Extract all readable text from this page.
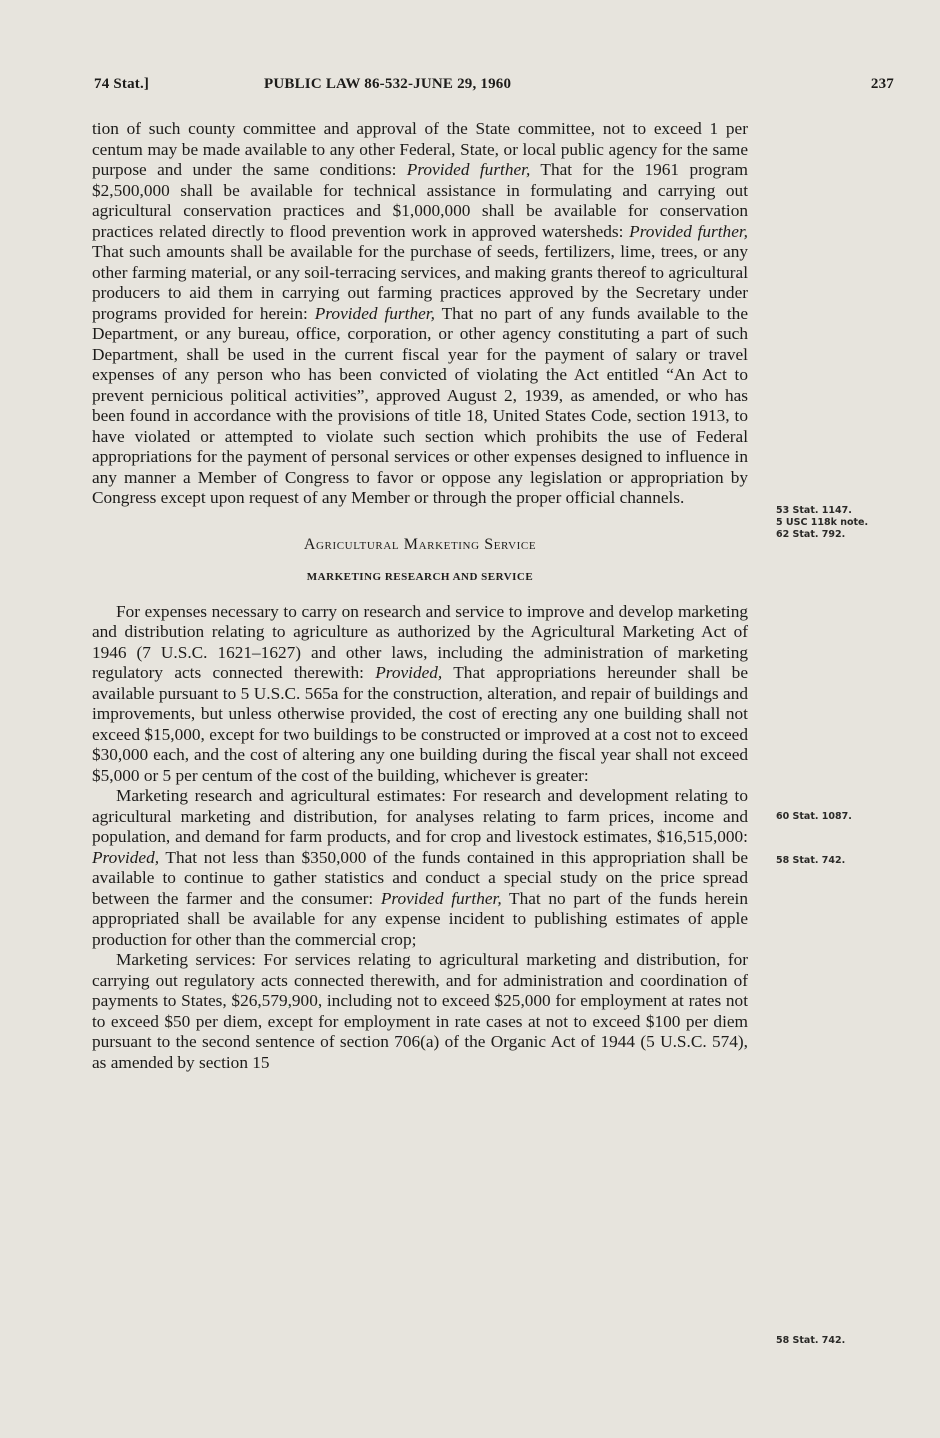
74 Stat.]	PUBLIC LAW 86-532-JUNE 29, 1960	237

tion of such county committee and approval of the State committee, not to exceed 1 per centum may be made available to any other Federal, State, or local public agency for the same purpose and under the same conditions: Provided further, That for the 1961 program $2,500,000 shall be available for technical assistance in formulating and carrying out agricultural conservation practices and $1,000,000 shall be available for conservation practices related directly to flood prevention work in approved watersheds: Provided further, That such amounts shall be available for the purchase of seeds, fertilizers, lime, trees, or any other farming material, or any soil-terracing services, and making grants thereof to agricultural producers to aid them in carrying out farming practices approved by the Secretary under programs provided for herein: Provided further, That no part of any funds available to the Department, or any bureau, office, corporation, or other agency constituting a part of such Department, shall be used in the current fiscal year for the payment of salary or travel expenses of any person who has been convicted of violating the Act entitled “An Act to prevent pernicious political activities”, approved August 2, 1939, as amended, or who has been found in accordance with the provisions of title 18, United States Code, section 1913, to have violated or attempted to violate such section which prohibits the use of Federal appropriations for the payment of personal services or other expenses designed to influence in any manner a Member of Congress to favor or oppose any legislation or appropriation by Congress except upon request of any Member or through the proper official channels.

Agricultural Marketing Service

MARKETING RESEARCH AND SERVICE

For expenses necessary to carry on research and service to improve and develop marketing and distribution relating to agriculture as authorized by the Agricultural Marketing Act of 1946 (7 U.S.C. 1621–1627) and other laws, including the administration of marketing regulatory acts connected therewith: Provided, That appropriations hereunder shall be available pursuant to 5 U.S.C. 565a for the construction, alteration, and repair of buildings and improvements, but unless otherwise provided, the cost of erecting any one building shall not exceed $15,000, except for two buildings to be constructed or improved at a cost not to exceed $30,000 each, and the cost of altering any one building during the fiscal year shall not exceed $5,000 or 5 per centum of the cost of the building, whichever is greater:

Marketing research and agricultural estimates: For research and development relating to agricultural marketing and distribution, for analyses relating to farm prices, income and population, and demand for farm products, and for crop and livestock estimates, $16,515,000: Provided, That not less than $350,000 of the funds contained in this appropriation shall be available to continue to gather statistics and conduct a special study on the price spread between the farmer and the consumer: Provided further, That no part of the funds herein appropriated shall be available for any expense incident to publishing estimates of apple production for other than the commercial crop;

Marketing services: For services relating to agricultural marketing and distribution, for carrying out regulatory acts connected therewith, and for administration and coordination of payments to States, $26,579,900, including not to exceed $25,000 for employment at rates not to exceed $50 per diem, except for employment in rate cases at not to exceed $100 per diem pursuant to the second sentence of section 706(a) of the Organic Act of 1944 (5 U.S.C. 574), as amended by section 15

53 Stat. 1147.
5 USC 118k note.
62 Stat. 792.
60 Stat. 1087.
58 Stat. 742.
58 Stat. 742.
